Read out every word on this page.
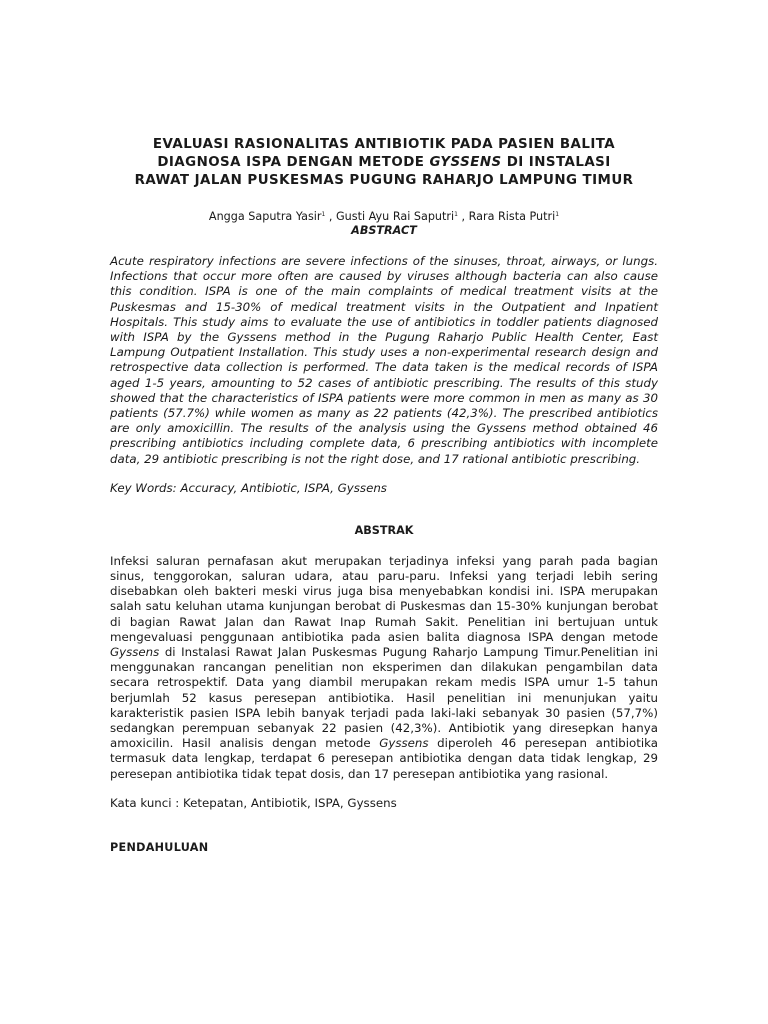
EVALUASI RASIONALITAS ANTIBIOTIK PADA PASIEN BALITA
DIAGNOSA ISPA DENGAN METODE GYSSENS DI INSTALASI
RAWAT JALAN PUSKESMAS PUGUNG RAHARJO LAMPUNG TIMUR
Angga Saputra Yasir$^1$ , Gusti Ayu Rai Saputri$^1$ , Rara Rista Putri$^1$
ABSTRACT

Acute respiratory infections are severe infections of the sinuses, throat, airways, or lungs. Infections that occur more often are caused by viruses although bacteria can also cause this condition. ISPA is one of the main complaints of medical treatment visits at the Puskesmas and 15-30% of medical treatment visits in the Outpatient and Inpatient Hospitals. This study aims to evaluate the use of antibiotics in toddler patients diagnosed with ISPA by the Gyssens method in the Pugung Raharjo Public Health Center, East Lampung Outpatient Installation. This study uses a non-experimental research design and retrospective data collection is performed. The data taken is the medical records of ISPA aged 1-5 years, amounting to 52 cases of antibiotic prescribing. The results of this study showed that the characteristics of ISPA patients were more common in men as many as 30 patients (57.7%) while women as many as 22 patients (42,3%). The prescribed antibiotics are only amoxicillin. The results of the analysis using the Gyssens method obtained 46 prescribing antibiotics including complete data, 6 prescribing antibiotics with incomplete data, 29 antibiotic prescribing is not the right dose, and 17 rational antibiotic prescribing.

Key Words: Accuracy, Antibiotic, ISPA, Gyssens

ABSTRAK

Infeksi saluran pernafasan akut merupakan terjadinya infeksi yang parah pada bagian sinus, tenggorokan, saluran udara, atau paru-paru. Infeksi yang terjadi lebih sering disebabkan oleh bakteri meski virus juga bisa menyebabkan kondisi ini. ISPA merupakan salah satu keluhan utama kunjungan berobat di Puskesmas dan 15-30% kunjungan berobat di bagian Rawat Jalan dan Rawat Inap Rumah Sakit. Penelitian ini bertujuan untuk mengevaluasi penggunaan antibiotika pada asien balita diagnosa ISPA dengan metode Gyssens di Instalasi Rawat Jalan Puskesmas Pugung Raharjo Lampung Timur.Penelitian ini menggunakan rancangan penelitian non eksperimen dan dilakukan pengambilan data secara retrospektif. Data yang diambil merupakan rekam medis ISPA umur 1-5 tahun berjumlah 52 kasus peresepan antibiotika. Hasil penelitian ini menunjukan yaitu karakteristik pasien ISPA lebih banyak terjadi pada laki-laki sebanyak 30 pasien (57,7%) sedangkan perempuan sebanyak 22 pasien (42,3%). Antibiotik yang diresepkan hanya amoxicilin. Hasil analisis dengan metode Gyssens diperoleh 46 peresepan antibiotika termasuk data lengkap, terdapat 6 peresepan antibiotika dengan data tidak lengkap, 29 peresepan antibiotika tidak tepat dosis, dan 17 peresepan antibiotika yang rasional.

Kata kunci : Ketepatan, Antibiotik, ISPA, Gyssens

PENDAHULUAN
